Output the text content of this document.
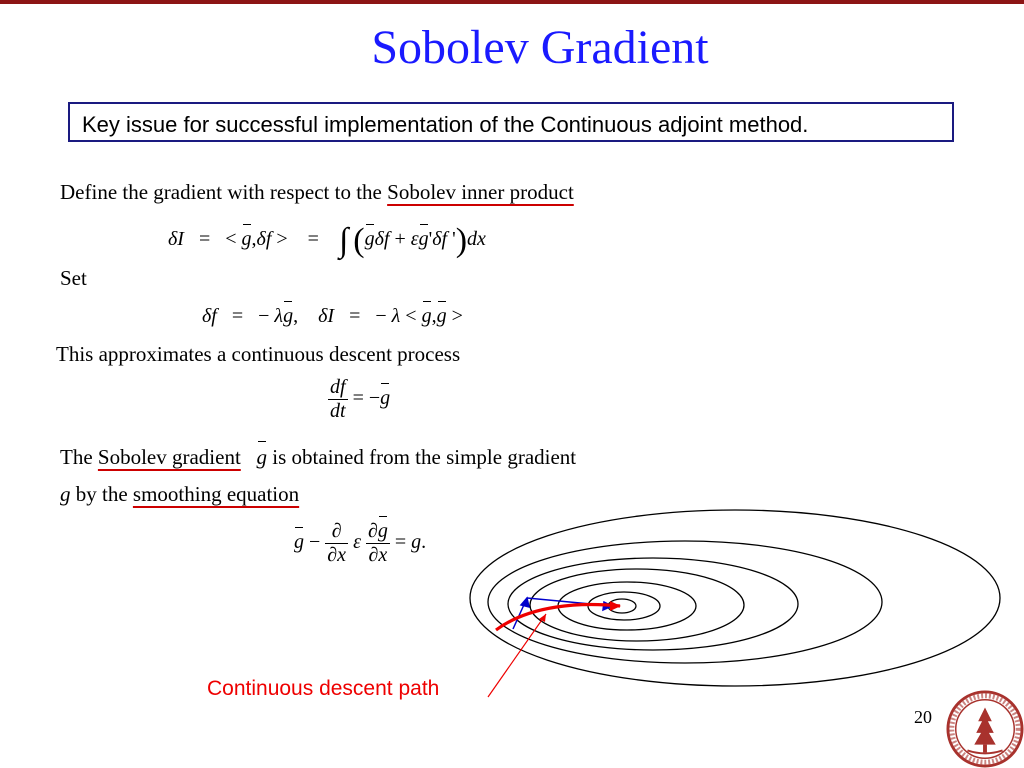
Sobolev Gradient
Key issue for successful implementation of the Continuous adjoint method.
Define the gradient with respect to the Sobolev inner product
δI   =   < g,δf >    =    ∫ (gδf + εg'δf ')dx
Set
δf   =   − λg,    δI   =   − λ < g,g >
This approximates a continuous descent process
$\frac{df}{dt} = -g$
The Sobolev gradient g is obtained from the simple gradient
g by the smoothing equation
$g - \frac{\partial}{\partial x}$ ε $\frac{\partial g}{\partial x} = g$.
Continuous descent path
20
